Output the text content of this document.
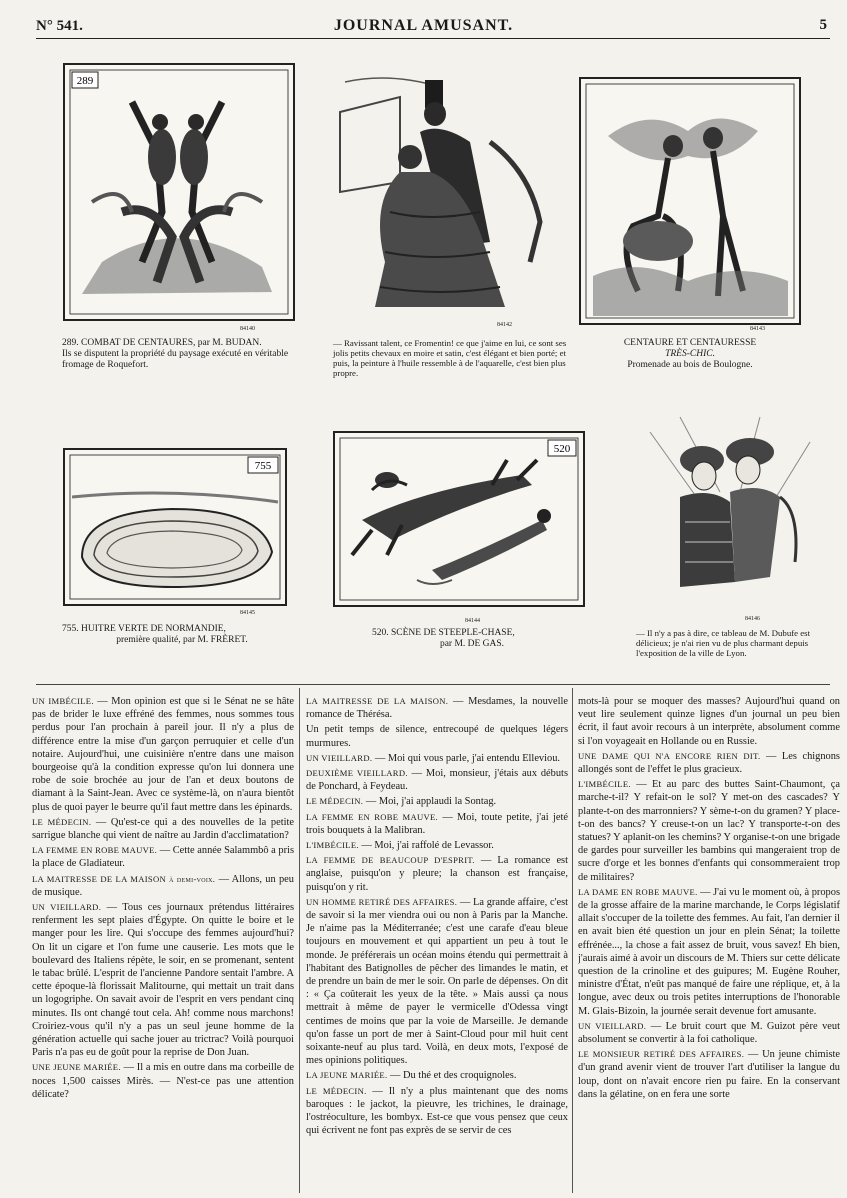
N° 541.	JOURNAL AMUSANT.	5
289
84140
289. COMBAT DE CENTAURES, par M. BUDAN.
Ils se disputent la propriété du paysage exécuté en véritable fromage de Roquefort.
84142
— Ravissant talent, ce Fromentin! ce que j'aime en lui, ce sont ses jolis petits chevaux en moire et satin, c'est élégant et bien porté; et puis, la peinture à l'huile ressemble à de l'aquarelle, c'est bien plus propre.
84143
CENTAURE ET CENTAURESSE
TRÈS-CHIC.
Promenade au bois de Boulogne.
755
84145
755. HUITRE VERTE DE NORMANDIE,
première qualité, par M. FRÈRET.
520
84144
520. SCÈNE DE STEEPLE-CHASE,
par M. DE GAS.
84146
— Il n'y a pas à dire, ce tableau de M. Dubufe est délicieux; je n'ai rien vu de plus charmant depuis l'exposition de la ville de Lyon.

UN IMBÉCILE. — Mon opinion est que si le Sénat ne se hâte pas de brider le luxe effréné des femmes, nous sommes tous perdus pour l'an prochain à pareil jour. Il n'y a plus de différence entre la mise d'un garçon perruquier et celle d'un notaire. Aujourd'hui, une cuisinière n'entre dans une maison bourgeoise qu'à la condition expresse qu'on lui donnera une robe de soie brochée au jour de l'an et deux boutons de diamant à la Saint-Jean. Avec ce système-là, on n'aura bientôt plus de quoi payer le beurre qu'il faut mettre dans les épinards.

LE MÉDECIN. — Qu'est-ce qui a des nouvelles de la petite sarrigue blanche qui vient de naître au Jardin d'acclimatation?

LA FEMME EN ROBE MAUVE. — Cette année Salammbô a pris la place de Gladiateur.

LA MAITRESSE DE LA MAISON à demi-voix. — Allons, un peu de musique.

UN VIEILLARD. — Tous ces journaux prétendus littéraires renferment les sept plaies d'Égypte. On quitte le boire et le manger pour les lire. Qui s'occupe des femmes aujourd'hui? On lit un cigare et l'on fume une causerie. Les mots que le boulevard des Italiens répète, le soir, en se promenant, sentent le tabac brûlé. L'esprit de l'ancienne Pandore sentait l'ambre. A cette époque-là florissait Malitourne, qui mettait un trait dans un logogriphe. On savait avoir de l'esprit en vers pendant cinq minutes. Ils ont changé tout cela. Ah! comme nous marchons! Croiriez-vous qu'il n'y a pas un seul jeune homme de la génération actuelle qui sache jouer au trictrac? Voilà pourquoi Paris n'a pas eu de goût pour la reprise de Don Juan.

UNE JEUNE MARIÉE. — Il a mis en outre dans ma corbeille de noces 1,500 caisses Mirès. — N'est-ce pas une attention délicate?

LA MAITRESSE DE LA MAISON. — Mesdames, la nouvelle romance de Thérésa.

Un petit temps de silence, entrecoupé de quelques légers murmures.

UN VIEILLARD. — Moi qui vous parle, j'ai entendu Elleviou.

DEUXIÈME VIEILLARD. — Moi, monsieur, j'étais aux débuts de Ponchard, à Feydeau.

LE MÉDECIN. — Moi, j'ai applaudi la Sontag.

LA FEMME EN ROBE MAUVE. — Moi, toute petite, j'ai jeté trois bouquets à la Malibran.

L'IMBÉCILE. — Moi, j'ai raffolé de Levassor.

LA FEMME DE BEAUCOUP D'ESPRIT. — La romance est anglaise, puisqu'on y pleure; la chanson est française, puisqu'on y rit.

UN HOMME RETIRÉ DES AFFAIRES. — La grande affaire, c'est de savoir si la mer viendra oui ou non à Paris par la Manche. Je n'aime pas la Méditerranée; c'est une carafe d'eau bleue toujours en mouvement et qui appartient un peu à tout le monde. Je préférerais un océan moins étendu qui permettrait à l'habitant des Batignolles de pêcher des limandes le matin, et de prendre un bain de mer le soir. On parle de dépenses. On dit : « Ça coûterait les yeux de la tête. » Mais aussi ça nous mettrait à même de payer le vermicelle d'Odessa vingt centimes de moins que par la voie de Marseille. Je demande qu'on fasse un port de mer à Saint-Cloud pour mil huit cent soixante-neuf au plus tard. Voilà, en deux mots, l'exposé de mes opinions politiques.

LA JEUNE MARIÉE. — Du thé et des croquignoles.

LE MÉDECIN. — Il n'y a plus maintenant que des noms baroques : le jackot, la pieuvre, les trichines, le drainage, l'ostréoculture, les bombyx. Est-ce que vous pensez que ceux qui écrivent ne font pas exprès de se servir de ces

mots-là pour se moquer des masses? Aujourd'hui quand on veut lire seulement quinze lignes d'un journal un peu bien écrit, il faut avoir recours à un interprète, absolument comme si l'on voyageait en Hollande ou en Russie.

UNE DAME QUI N'A ENCORE RIEN DIT. — Les chignons allongés sont de l'effet le plus gracieux.

L'IMBÉCILE. — Et au parc des buttes Saint-Chaumont, ça marche-t-il? Y refait-on le sol? Y met-on des cascades? Y plante-t-on des marronniers? Y sème-t-on du gramen? Y place-t-on des bancs? Y creuse-t-on un lac? Y transporte-t-on des statues? Y aplanit-on les chemins? Y organise-t-on une brigade de gardes pour surveiller les bambins qui mangeraient trop de sucre d'orge et les bonnes d'enfants qui consommeraient trop de militaires?

LA DAME EN ROBE MAUVE. — J'ai vu le moment où, à propos de la grosse affaire de la marine marchande, le Corps législatif allait s'occuper de la toilette des femmes. Au fait, l'an dernier il en avait bien été question un jour en plein Sénat; la toilette effrénée..., la chose a fait assez de bruit, vous savez! Eh bien, j'aurais aimé à avoir un discours de M. Thiers sur cette délicate question de la crinoline et des guipures; M. Eugène Rouher, ministre d'État, n'eût pas manqué de faire une réplique, et, à la longue, avec deux ou trois petites interruptions de l'honorable M. Glais-Bizoin, la journée serait devenue fort amusante.

UN VIEILLARD. — Le bruit court que M. Guizot père veut absolument se convertir à la foi catholique.

LE MONSIEUR RETIRÉ DES AFFAIRES. — Un jeune chimiste d'un grand avenir vient de trouver l'art d'utiliser la langue du loup, dont on n'avait encore rien pu faire. En la conservant dans la gélatine, on en fera une sorte
